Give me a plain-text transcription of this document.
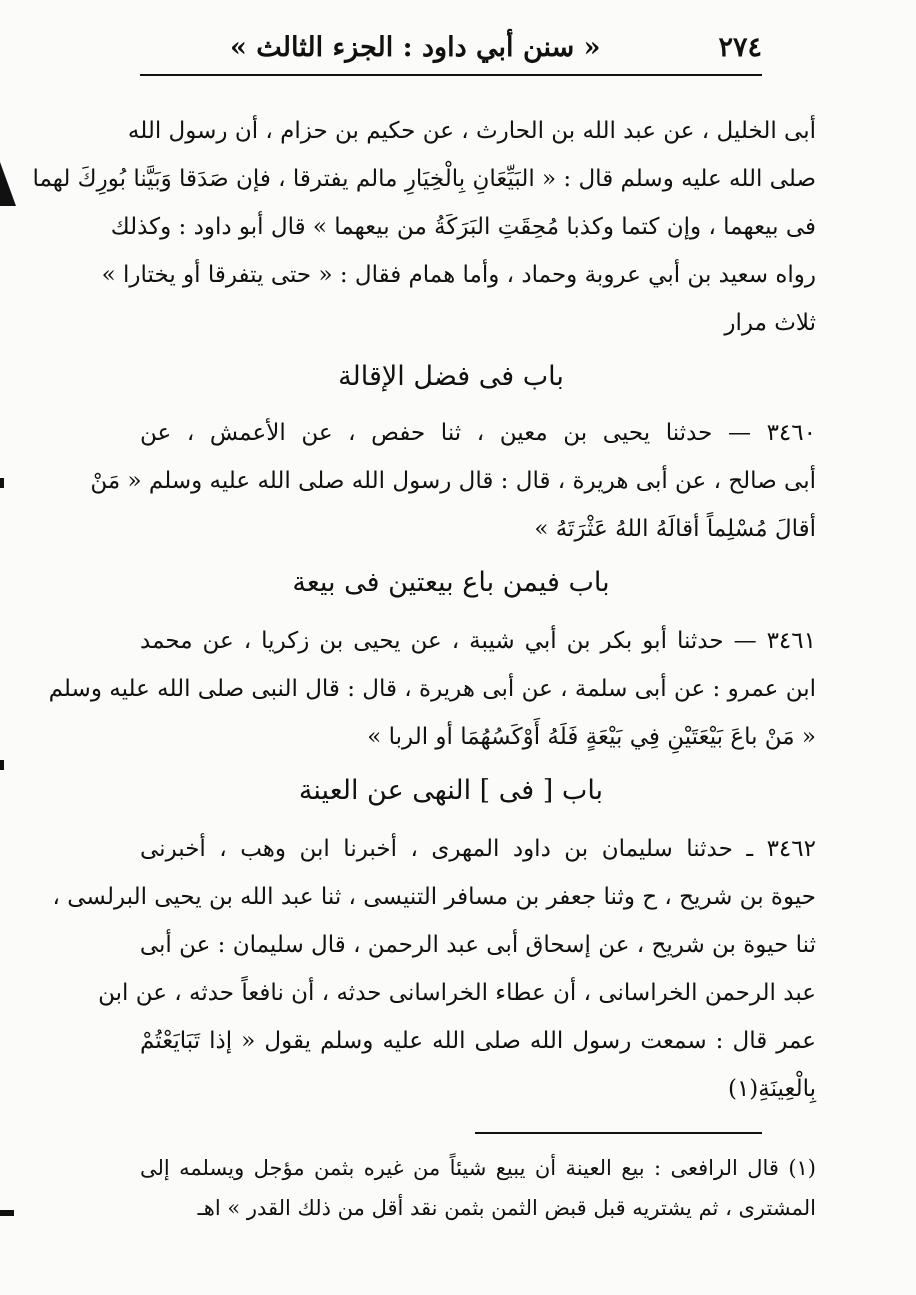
٢٧٤
« سنن أبي داود : الجزء الثالث »
أبى الخليل ، عن عبد الله بن الحارث ، عن حكيم بن حزام ، أن رسول الله
صلى الله عليه وسلم قال : « البَيِّعَانِ بِالْخِيَارِ مالم يفترقا ، فإن صَدَقا وَبَيَّنا بُورِكَ لهما
فى بيعهما ، وإن كتما وكذبا مُحِقَتِ البَرَكَةُ من بيعهما » قال أبو داود : وكذلك
رواه سعيد بن أبي عروبة وحماد ، وأما همام فقال : « حتى يتفرقا أو يختارا »
ثلاث مرار
٣٤٦٠ — حدثنا يحيى بن معين ، ثنا حفص ، عن الأعمش ، عن
أبى صالح ، عن أبى هريرة ، قال : قال رسول الله صلى الله عليه وسلم « مَنْ
أقالَ مُسْلِماً أقالَهُ اللهُ عَثْرَتَهُ »
٣٤٦١ — حدثنا أبو بكر بن أبي شيبة ، عن يحيى بن زكريا ، عن محمد
ابن عمرو : عن أبى سلمة ، عن أبى هريرة ، قال : قال النبى صلى الله عليه وسلم
« مَنْ باعَ بَيْعَتَيْنِ فِي بَيْعَةٍ فَلَهُ أَوْكَسُهُمَا أو الربا »
٣٤٦٢ ـ حدثنا سليمان بن داود المهرى ، أخبرنا ابن وهب ، أخبرنى
حيوة بن شريح ، ح وثنا جعفر بن مسافر التنيسى ، ثنا عبد الله بن يحيى البرلسى ،
ثنا حيوة بن شريح ، عن إسحاق أبى عبد الرحمن ، قال سليمان : عن أبى
عبد الرحمن الخراسانى ، أن عطاء الخراسانى حدثه ، أن نافعاً حدثه ، عن ابن
عمر قال : سمعت رسول الله صلى الله عليه وسلم يقول « إذا تَبَايَعْتُمْ
بِالْعِينَةِ(١)
(١) قال الرافعى : بيع العينة أن يبيع شيئاً من غيره بثمن مؤجل ويسلمه إلى
المشترى ، ثم يشتريه قبل قبض الثمن بثمن نقد أقل من ذلك القدر » اهـ
باب فى فضل الإقالة
باب فيمن باع بيعتين فى بيعة
باب [ فى ] النهى عن العينة
